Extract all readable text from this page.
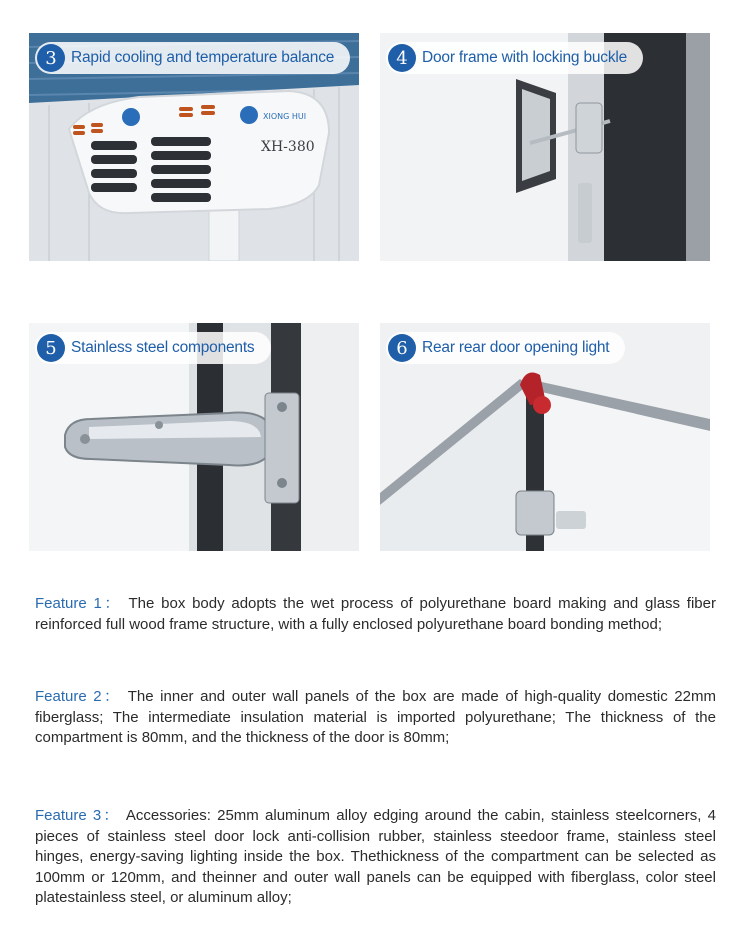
XIONG HUI
XH-380
3 Rapid cooling and temperature balance	4 Door frame with locking buckle
5 Stainless steel components	6 Rear rear door opening light

Feature 1： The box body adopts the wet process of polyurethane board making and glass fiber reinforced full wood frame structure, with a fully enclosed polyurethane board bonding method;

Feature 2： The inner and outer wall panels of the box are made of high-quality domestic 22mm fiberglass; The intermediate insulation material is imported polyurethane; The thickness of the compartment is 80mm, and the thickness of the door is 80mm;

Feature 3： Accessories: 25mm aluminum alloy edging around the cabin, stainless steelcorners, 4 pieces of stainless steel door lock anti-collision rubber, stainless steedoor frame, stainless steel hinges, energy-saving lighting inside the box. Thethickness of the compartment can be selected as 100mm or 120mm, and theinner and outer wall panels can be equipped with fiberglass, color steel platestainless steel, or aluminum alloy;
